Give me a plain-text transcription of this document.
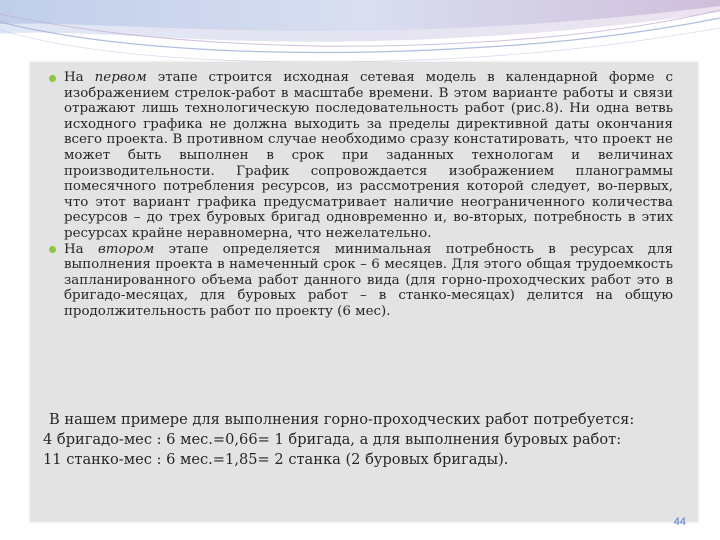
На первом этапе строится исходная сетевая модель в календарной форме с изображением стрелок-работ в масштабе времени. В этом варианте работы и связи отражают лишь технологическую последовательность работ (рис.8). Ни одна ветвь исходного графика не должна выходить за пределы директивной даты окончания всего проекта. В противном случае необходимо сразу констатировать, что проект не может быть выполнен в срок при заданных технологам и величинах производительности. График сопровождается изображением планограммы помесячного потребления ресурсов, из рассмотрения которой следует, во-первых, что этот вариант графика предусматривает наличие неограниченного количества ресурсов – до трех буровых бригад одновременно и, во-вторых, потребность в этих ресурсах крайне неравномерна, что нежелательно.
На втором этапе определяется минимальная потребность в ресурсах для выполнения проекта в намеченный срок – 6 месяцев. Для этого общая трудоемкость запланированного объема работ данного вида (для горно-проходческих работ это в бригадо-месяцах, для буровых работ – в станко-месяцах) делится на общую продолжительность работ по проекту (6 мес).

В нашем примере для выполнения горно-проходческих работ потребуется:

4 бригадо-мес : 6 мес.=0,66= 1 бригада, а для выполнения буровых работ:

11 станко-мес : 6 мес.=1,85= 2 станка (2 буровых бригады).

44
